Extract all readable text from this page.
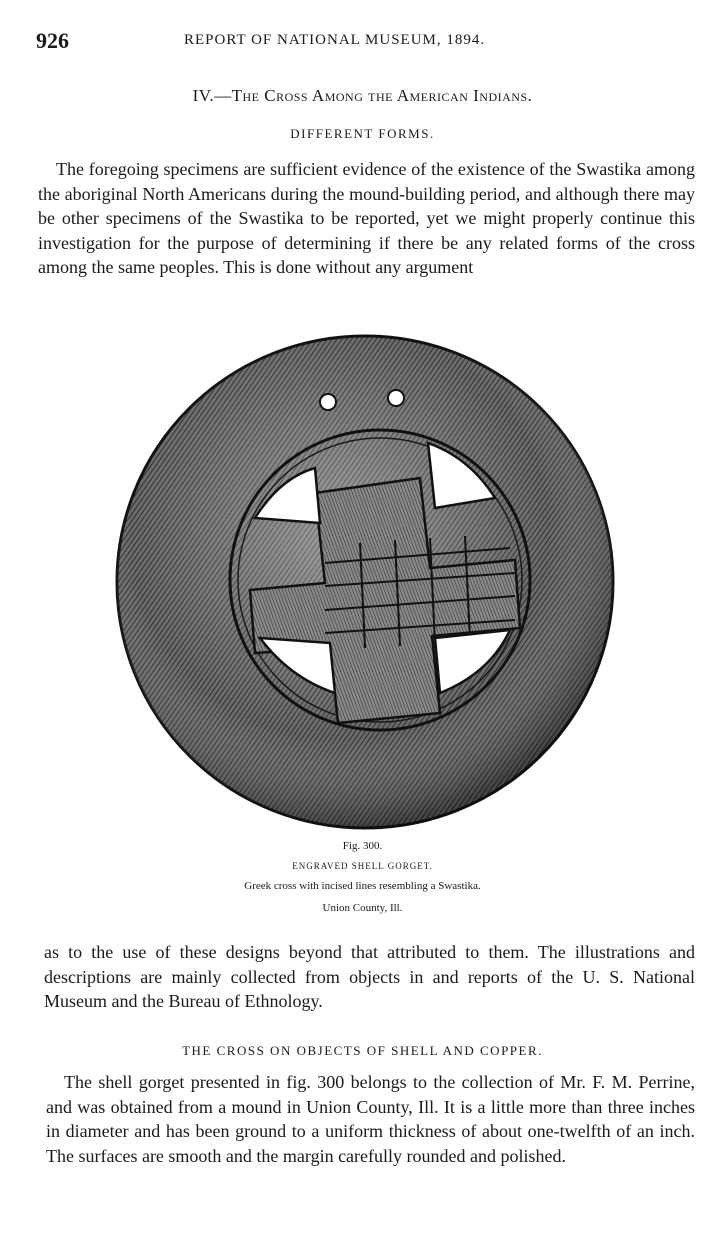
926	REPORT OF NATIONAL MUSEUM, 1894.
IV.—The Cross Among the American Indians.
DIFFERENT FORMS.

The foregoing specimens are sufficient evidence of the existence of the Swastika among the aboriginal North Americans during the mound-building period, and although there may be other specimens of the Swastika to be reported, yet we might properly continue this investigation for the purpose of determining if there be any related forms of the cross among the same peoples. This is done without any argument

Fig. 300.
ENGRAVED SHELL GORGET.
Greek cross with incised lines resembling a Swastika.
Union County, Ill.

as to the use of these designs beyond that attributed to them. The illustrations and descriptions are mainly collected from objects in and reports of the U. S. National Museum and the Bureau of Ethnology.

THE CROSS ON OBJECTS OF SHELL AND COPPER.

The shell gorget presented in fig. 300 belongs to the collection of Mr. F. M. Perrine, and was obtained from a mound in Union County, Ill. It is a little more than three inches in diameter and has been ground to a uniform thickness of about one-twelfth of an inch. The surfaces are smooth and the margin carefully rounded and polished.
